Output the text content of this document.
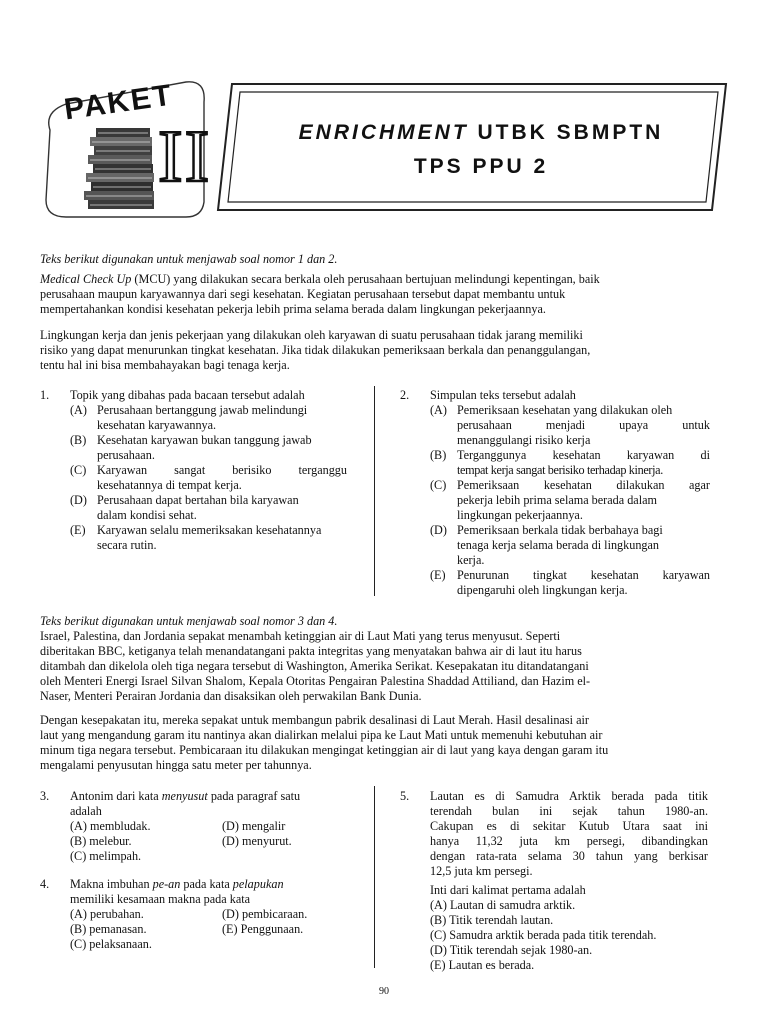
PAKET
II	ENRICHMENT UTBK SBMPTN
TPS PPU 2
Teks berikut digunakan untuk menjawab soal nomor 1 dan 2.
Medical Check Up (MCU) yang dilakukan secara berkala oleh perusahaan bertujuan melindungi kepentingan, baik
perusahaan maupun karyawannya dari segi kesehatan. Kegiatan perusahaan tersebut dapat membantu untuk
mempertahankan kondisi kesehatan pekerja lebih prima selama berada dalam lingkungan pekerjaannya.
Lingkungan kerja dan jenis pekerjaan yang dilakukan oleh karyawan di suatu perusahaan tidak jarang memiliki
risiko yang dapat menurunkan tingkat kesehatan. Jika tidak dilakukan pemeriksaan berkala dan penanggulangan,
tentu hal ini bisa membahayakan bagi tenaga kerja.
1. Topik yang dibahas pada bacaan tersebut adalah
(A) Perusahaan bertanggung jawab melindungi
kesehatan karyawannya.
(B) Kesehatan karyawan bukan tanggung jawab
perusahaan.
(C) Karyawan sangat berisiko terganggu
kesehatannya di tempat kerja.
(D) Perusahaan dapat bertahan bila karyawan
dalam kondisi sehat.
(E) Karyawan selalu memeriksakan kesehatannya
secara rutin.
2. Simpulan teks tersebut adalah
(A) Pemeriksaan kesehatan yang dilakukan oleh
perusahaan menjadi upaya untuk
menanggulangi risiko kerja
(B) Terganggunya kesehatan karyawan di
tempat kerja sangat berisiko terhadap kinerja.
(C) Pemeriksaan kesehatan dilakukan agar
pekerja lebih prima selama berada dalam
lingkungan pekerjaannya.
(D) Pemeriksaan berkala tidak berbahaya bagi
tenaga kerja selama berada di lingkungan
kerja.
(E) Penurunan tingkat kesehatan karyawan
dipengaruhi oleh lingkungan kerja.
Teks berikut digunakan untuk menjawab soal nomor 3 dan 4.
Israel, Palestina, dan Jordania sepakat menambah ketinggian air di Laut Mati yang terus menyusut. Seperti
diberitakan BBC, ketiganya telah menandatangani pakta integritas yang menyatakan bahwa air di laut itu harus
ditambah dan dikelola oleh tiga negara tersebut di Washington, Amerika Serikat. Kesepakatan itu ditandatangani
oleh Menteri Energi Israel Silvan Shalom, Kepala Otoritas Pengairan Palestina Shaddad Attiliand, dan Hazim el-
Naser, Menteri Perairan Jordania dan disaksikan oleh perwakilan Bank Dunia.
Dengan kesepakatan itu, mereka sepakat untuk membangun pabrik desalinasi di Laut Merah. Hasil desalinasi air
laut yang mengandung garam itu nantinya akan dialirkan melalui pipa ke Laut Mati untuk memenuhi kebutuhan air
minum tiga negara tersebut. Pembicaraan itu dilakukan mengingat ketinggian air di laut yang kaya dengan garam itu
mengalami penyusutan hingga satu meter per tahunnya.
3. Antonim dari kata menyusut pada paragraf satu
adalah
(A) membludak.	(D) mengalir
(B) melebur.	(D) menyurut.
(C) melimpah.
4. Makna imbuhan pe-an pada kata pelapukan
memiliki kesamaan makna pada kata
(A) perubahan.	(D) pembicaraan.
(B) pemanasan.	(E) Penggunaan.
(C) pelaksanaan.
5. Lautan es di Samudra Arktik berada pada titik
terendah bulan ini sejak tahun 1980-an.
Cakupan es di sekitar Kutub Utara saat ini
hanya 11,32 juta km persegi, dibandingkan
dengan rata-rata selama 30 tahun yang berkisar
12,5 juta km persegi.
Inti dari kalimat pertama adalah
(A) Lautan di samudra arktik.
(B) Titik terendah lautan.
(C) Samudra arktik berada pada titik terendah.
(D) Titik terendah sejak 1980-an.
(E) Lautan es berada.
90
